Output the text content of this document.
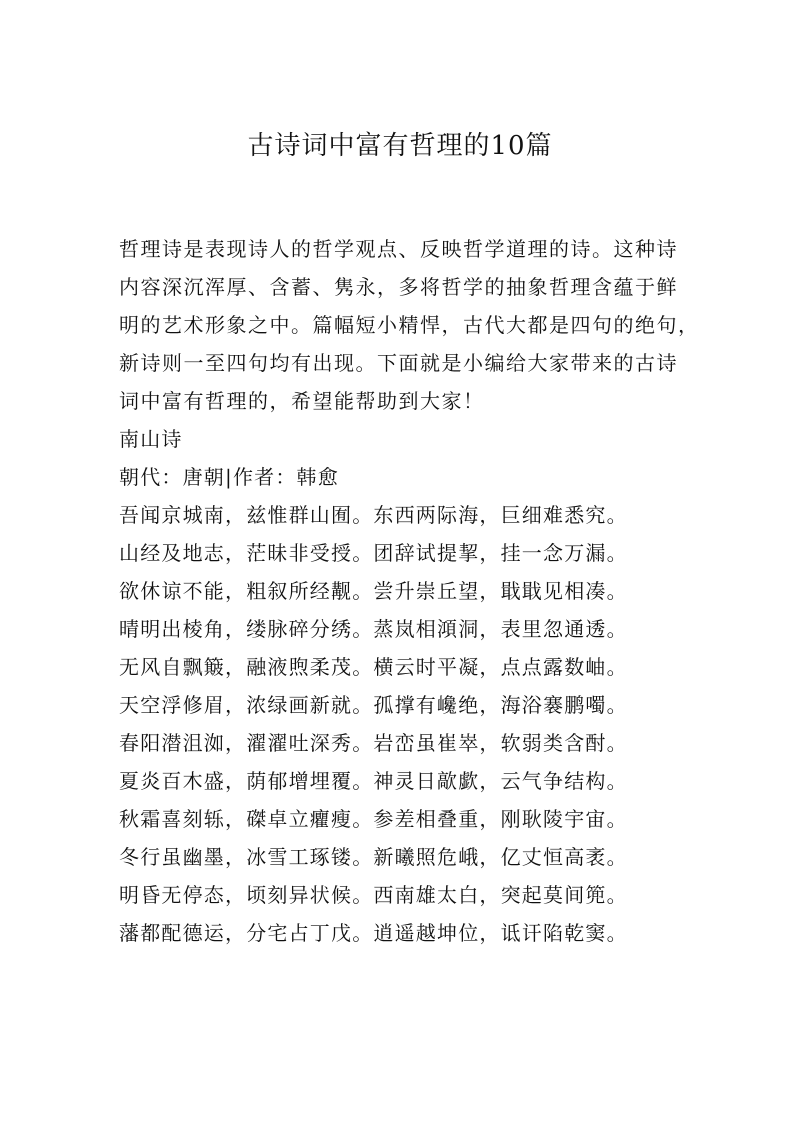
古诗词中富有哲理的10篇

哲理诗是表现诗人的哲学观点、反映哲学道理的诗。这种诗

内容深沉浑厚、含蓄、隽永，多将哲学的抽象哲理含蕴于鲜

明的艺术形象之中。篇幅短小精悍，古代大都是四句的绝句，

新诗则一至四句均有出现。下面就是小编给大家带来的古诗

词中富有哲理的，希望能帮助到大家！

南山诗

朝代：唐朝|作者：韩愈

吾闻京城南，兹惟群山囿。东西两际海，巨细难悉究。

山经及地志，茫昧非受授。团辞试提挈，挂一念万漏。

欲休谅不能，粗叙所经觏。尝升崇丘望，戢戢见相凑。

晴明出棱角，缕脉碎分绣。蒸岚相澒洞，表里忽通透。

无风自飘簸，融液煦柔茂。横云时平凝，点点露数岫。

天空浮修眉，浓绿画新就。孤撑有巉绝，海浴褰鹏噣。

春阳潜沮洳，濯濯吐深秀。岩峦虽崔崒，软弱类含酎。

夏炎百木盛，荫郁增埋覆。神灵日歊歔，云气争结构。

秋霜喜刻轹，磔卓立癯瘦。参差相叠重，刚耿陵宇宙。

冬行虽幽墨，冰雪工琢镂。新曦照危峨，亿丈恒高袤。

明昏无停态，顷刻异状候。西南雄太白，突起莫间篼。

藩都配德运，分宅占丁戊。逍遥越坤位，诋讦陷乾窦。
